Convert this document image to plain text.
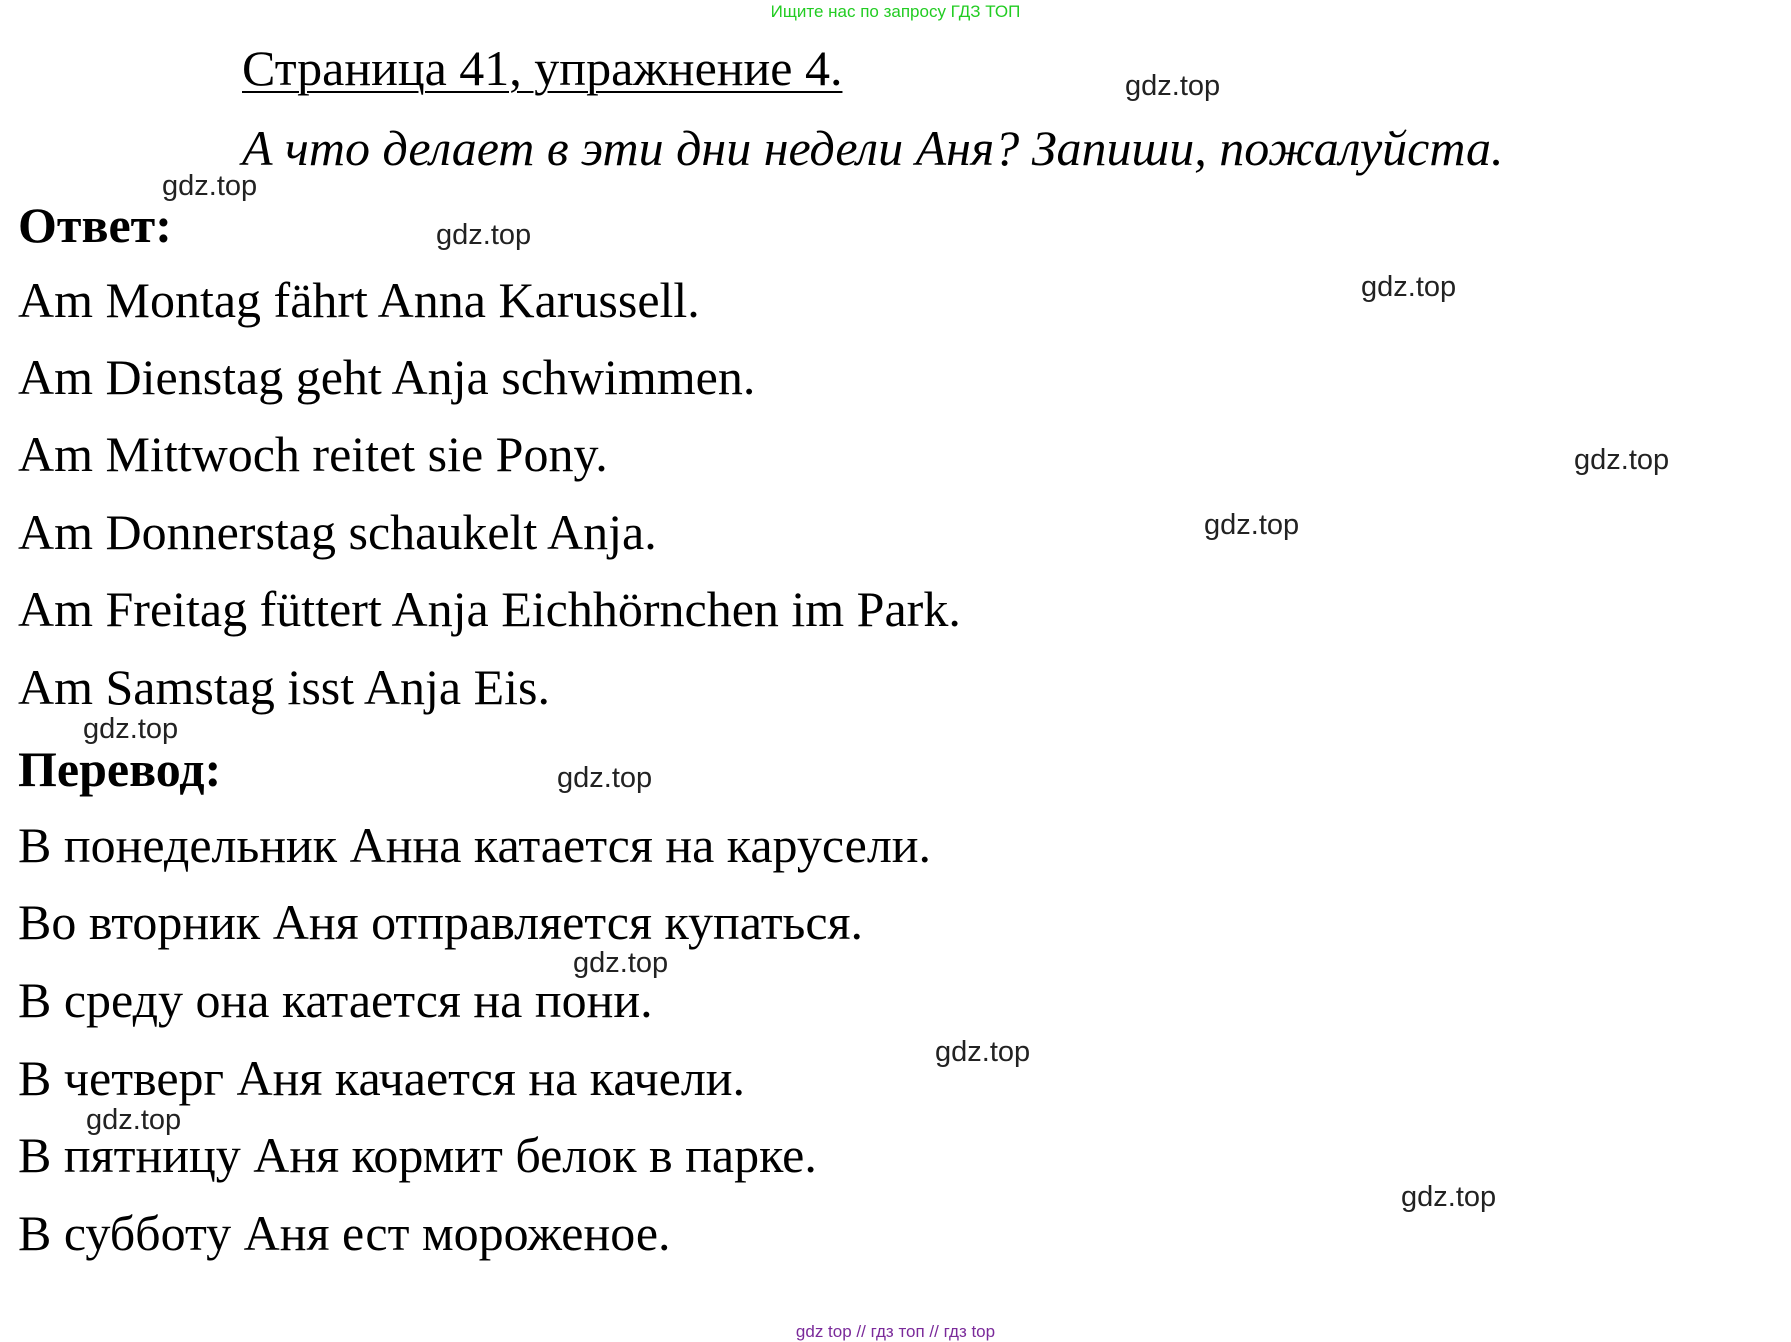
Ищите нас по запросу ГДЗ ТОП
Страница 41, упражнение 4.
А что делает в эти дни недели Аня? Запиши, пожалуйста.
Ответ:
Am Montag fährt Anna Karussell.
Am Dienstag geht Anja schwimmen.
Am Mittwoch reitet sie Pony.
Am Donnerstag schaukelt Anja.
Am Freitag füttert Anja Eichhörnchen im Park.
Am Samstag isst Anja Eis.
Перевод:
В понедельник Анна катается на карусели.
Во вторник Аня отправляется купаться.
В среду она катается на пони.
В четверг Аня качается на качели.
В пятницу Аня кормит белок в парке.
В субботу Аня ест мороженое.
gdz.top
gdz.top
gdz.top
gdz.top
gdz.top
gdz.top
gdz.top
gdz.top
gdz.top
gdz.top
gdz.top
gdz.top
gdz top // гдз топ // гдз top
